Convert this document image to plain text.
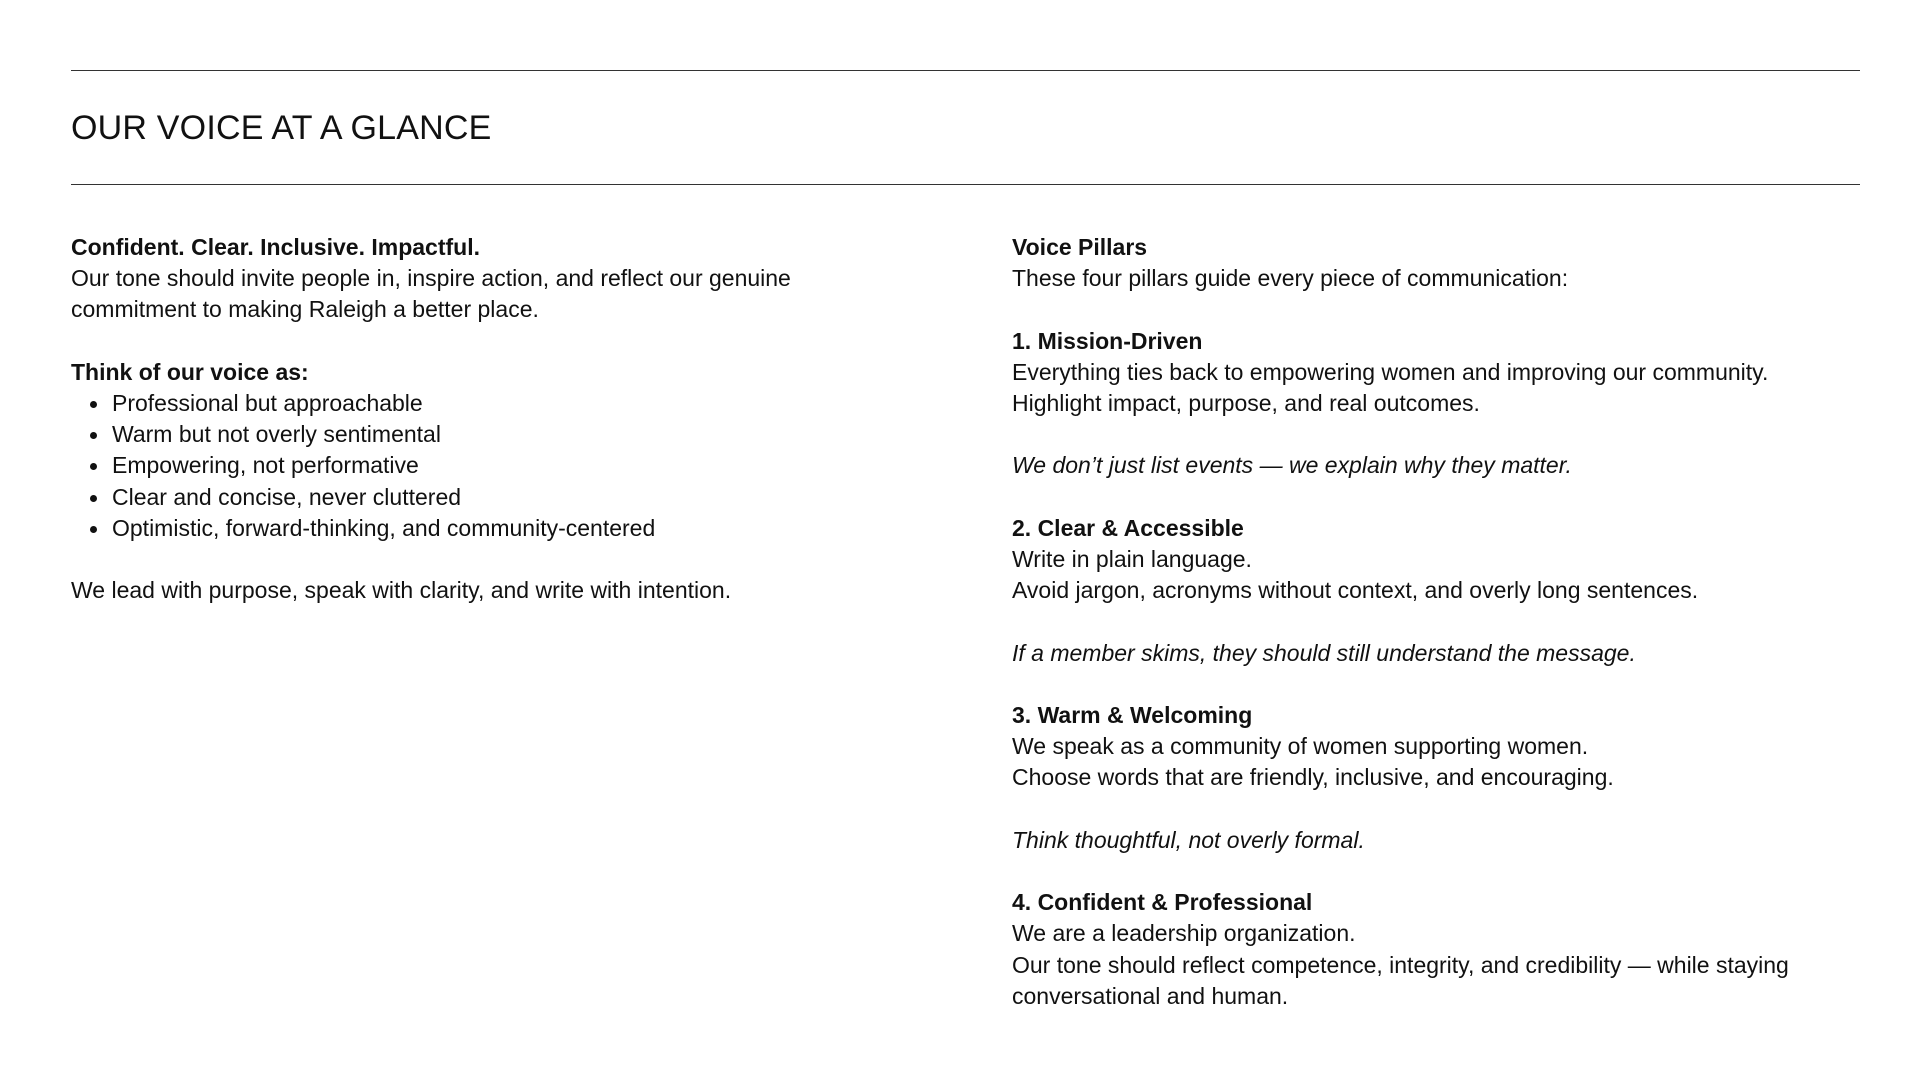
OUR VOICE AT A GLANCE

Confident. Clear. Inclusive. Impactful.

Our tone should invite people in, inspire action, and reflect our genuine

commitment to making Raleigh a better place.

Think of our voice as:

Professional but approachable
Warm but not overly sentimental
Empowering, not performative
Clear and concise, never cluttered
Optimistic, forward-thinking, and community-centered

We lead with purpose, speak with clarity, and write with intention.

Voice Pillars

These four pillars guide every piece of communication:

1. Mission-Driven

Everything ties back to empowering women and improving our community.

Highlight impact, purpose, and real outcomes.

We don’t just list events — we explain why they matter.

2. Clear & Accessible

Write in plain language.

Avoid jargon, acronyms without context, and overly long sentences.

If a member skims, they should still understand the message.

3. Warm & Welcoming

We speak as a community of women supporting women.

Choose words that are friendly, inclusive, and encouraging.

Think thoughtful, not overly formal.

4. Confident & Professional

We are a leadership organization.

Our tone should reflect competence, integrity, and credibility — while staying

conversational and human.
